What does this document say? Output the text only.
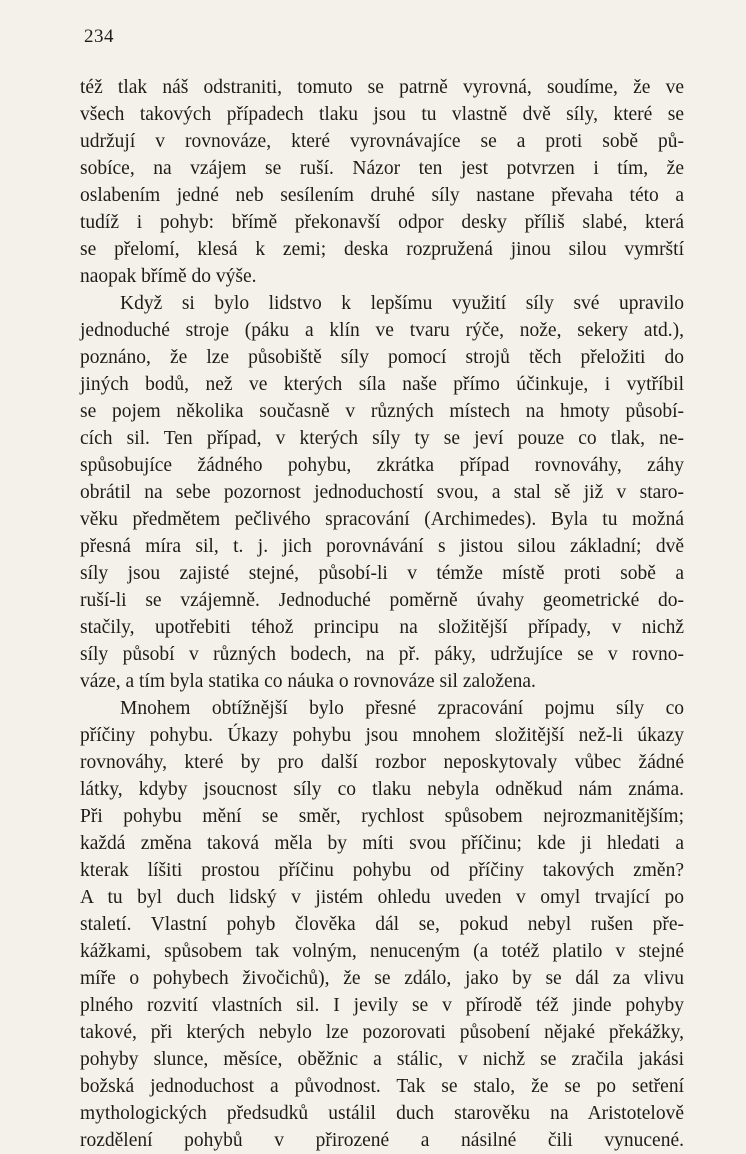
234
též tlak náš odstraniti, tomuto se patrně vyrovná, soudíme, že ve
všech takových případech tlaku jsou tu vlastně dvě síly, které se
udržují v rovnováze, které vyrovnávajíce se a proti sobě pů-
sobíce, na vzájem se ruší. Názor ten jest potvrzen i tím, že
oslabením jedné neb sesílením druhé síly nastane převaha této a
tudíž i pohyb: břímě překonavší odpor desky příliš slabé, která
se přelomí, klesá k zemi; deska rozpružená jinou silou vymrští
naopak břímě do výše.
Když si bylo lidstvo k lepšímu využití síly své upravilo
jednoduché stroje (páku a klín ve tvaru rýče, nože, sekery atd.),
poznáno, že lze působiště síly pomocí strojů těch přeložiti do
jiných bodů, než ve kterých síla naše přímo účinkuje, i vytříbil
se pojem několika současně v různých místech na hmoty působí-
cích sil. Ten případ, v kterých síly ty se jeví pouze co tlak, ne-
spůsobujíce žádného pohybu, zkrátka případ rovnováhy, záhy
obrátil na sebe pozornost jednoduchostí svou, a stal sě již v staro-
věku předmětem pečlivého spracování (Archimedes). Byla tu možná
přesná míra sil, t. j. jich porovnávání s jistou silou základní; dvě
síly jsou zajisté stejné, působí-li v témže místě proti sobě a
ruší-li se vzájemně. Jednoduché poměrně úvahy geometrické do-
stačily, upotřebiti téhož principu na složitější případy, v nichž
síly působí v různých bodech, na př. páky, udržujíce se v rovno-
váze, a tím byla statika co náuka o rovnováze sil založena.
Mnohem obtížnější bylo přesné zpracování pojmu síly co
příčiny pohybu. Úkazy pohybu jsou mnohem složitější než-li úkazy
rovnováhy, které by pro další rozbor neposkytovaly vůbec žádné
látky, kdyby jsoucnost síly co tlaku nebyla odněkud nám známa.
Při pohybu mění se směr, rychlost spůsobem nejrozmanitějším;
každá změna taková měla by míti svou příčinu; kde ji hledati a
kterak líšiti prostou příčinu pohybu od příčiny takových změn?
A tu byl duch lidský v jistém ohledu uveden v omyl trvající po
staletí. Vlastní pohyb člověka dál se, pokud nebyl rušen pře-
kážkami, spůsobem tak volným, nenuceným (a totéž platilo v stejné
míře o pohybech živočichů), že se zdálo, jako by se dál za vlivu
plného rozvití vlastních sil. I jevily se v přírodě též jinde pohyby
takové, při kterých nebylo lze pozorovati působení nějaké překážky,
pohyby slunce, měsíce, oběžnic a stálic, v nichž se zračila jakási
božská jednoduchost a původnost. Tak se stalo, že se po setření
mythologických předsudků ustálil duch starověku na Aristotelově
rozdělení pohybů v přirozené a násilné čili vynucené.
